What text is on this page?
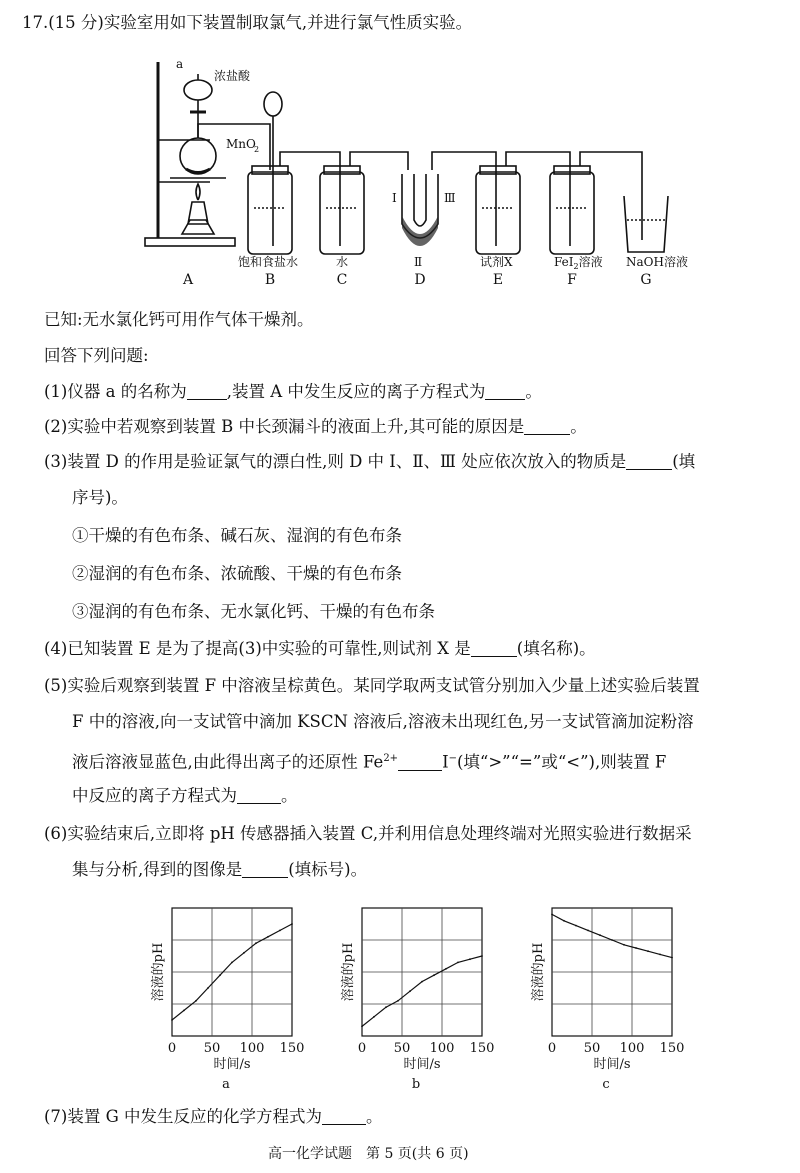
17.(15 分)实验室用如下装置制取氯气,并进行氯气性质实验。
a
浓盐酸
MnO
2
Ⅰ	Ⅲ
饱和食盐水	水	Ⅱ	试剂X	FeI$_2$溶液 NaOH溶液
A	B	C	D	E	F	G
已知:无水氯化钙可用作气体干燥剂。
回答下列问题:
(1)仪器 a 的名称为 ,装置 A 中发生反应的离子方程式为 。
(2)实验中若观察到装置 B 中长颈漏斗的液面上升,其可能的原因是	。
(3)装置 D 的作用是验证氯气的漂白性,则 D 中 Ⅰ、Ⅱ、Ⅲ 处应依次放入的物质是	(填
序号)。
①干燥的有色布条、碱石灰、湿润的有色布条
②湿润的有色布条、浓硫酸、干燥的有色布条
③湿润的有色布条、无水氯化钙、干燥的有色布条
(4)已知装置 E 是为了提高(3)中实验的可靠性,则试剂 X 是	(填名称)。
(5)实验后观察到装置 F 中溶液呈棕黄色。某同学取两支试管分别加入少量上述实验后装置
F 中的溶液,向一支试管中滴加 KSCN 溶液后,溶液未出现红色,另一支试管滴加淀粉溶
液后溶液显蓝色,由此得出离子的还原性 $Fe^{2+}$	I−(填“>”“=”或“<”),则装置 F
中反应的离子方程式为	。
(6)实验结束后,立即将 pH 传感器插入装置 C,并利用信息处理终端对光照实验进行数据采
集与分析,得到的图像是	(填标号)。
0 50 100 150
时间/s
溶液的pH
a
0 50 100 150
时间/s
溶液的pH
b
0 50 100 150
时间/s
溶液的pH
c
(7)装置 G 中发生反应的化学方程式为	。
高一化学试题　第 5 页(共 6 页)
